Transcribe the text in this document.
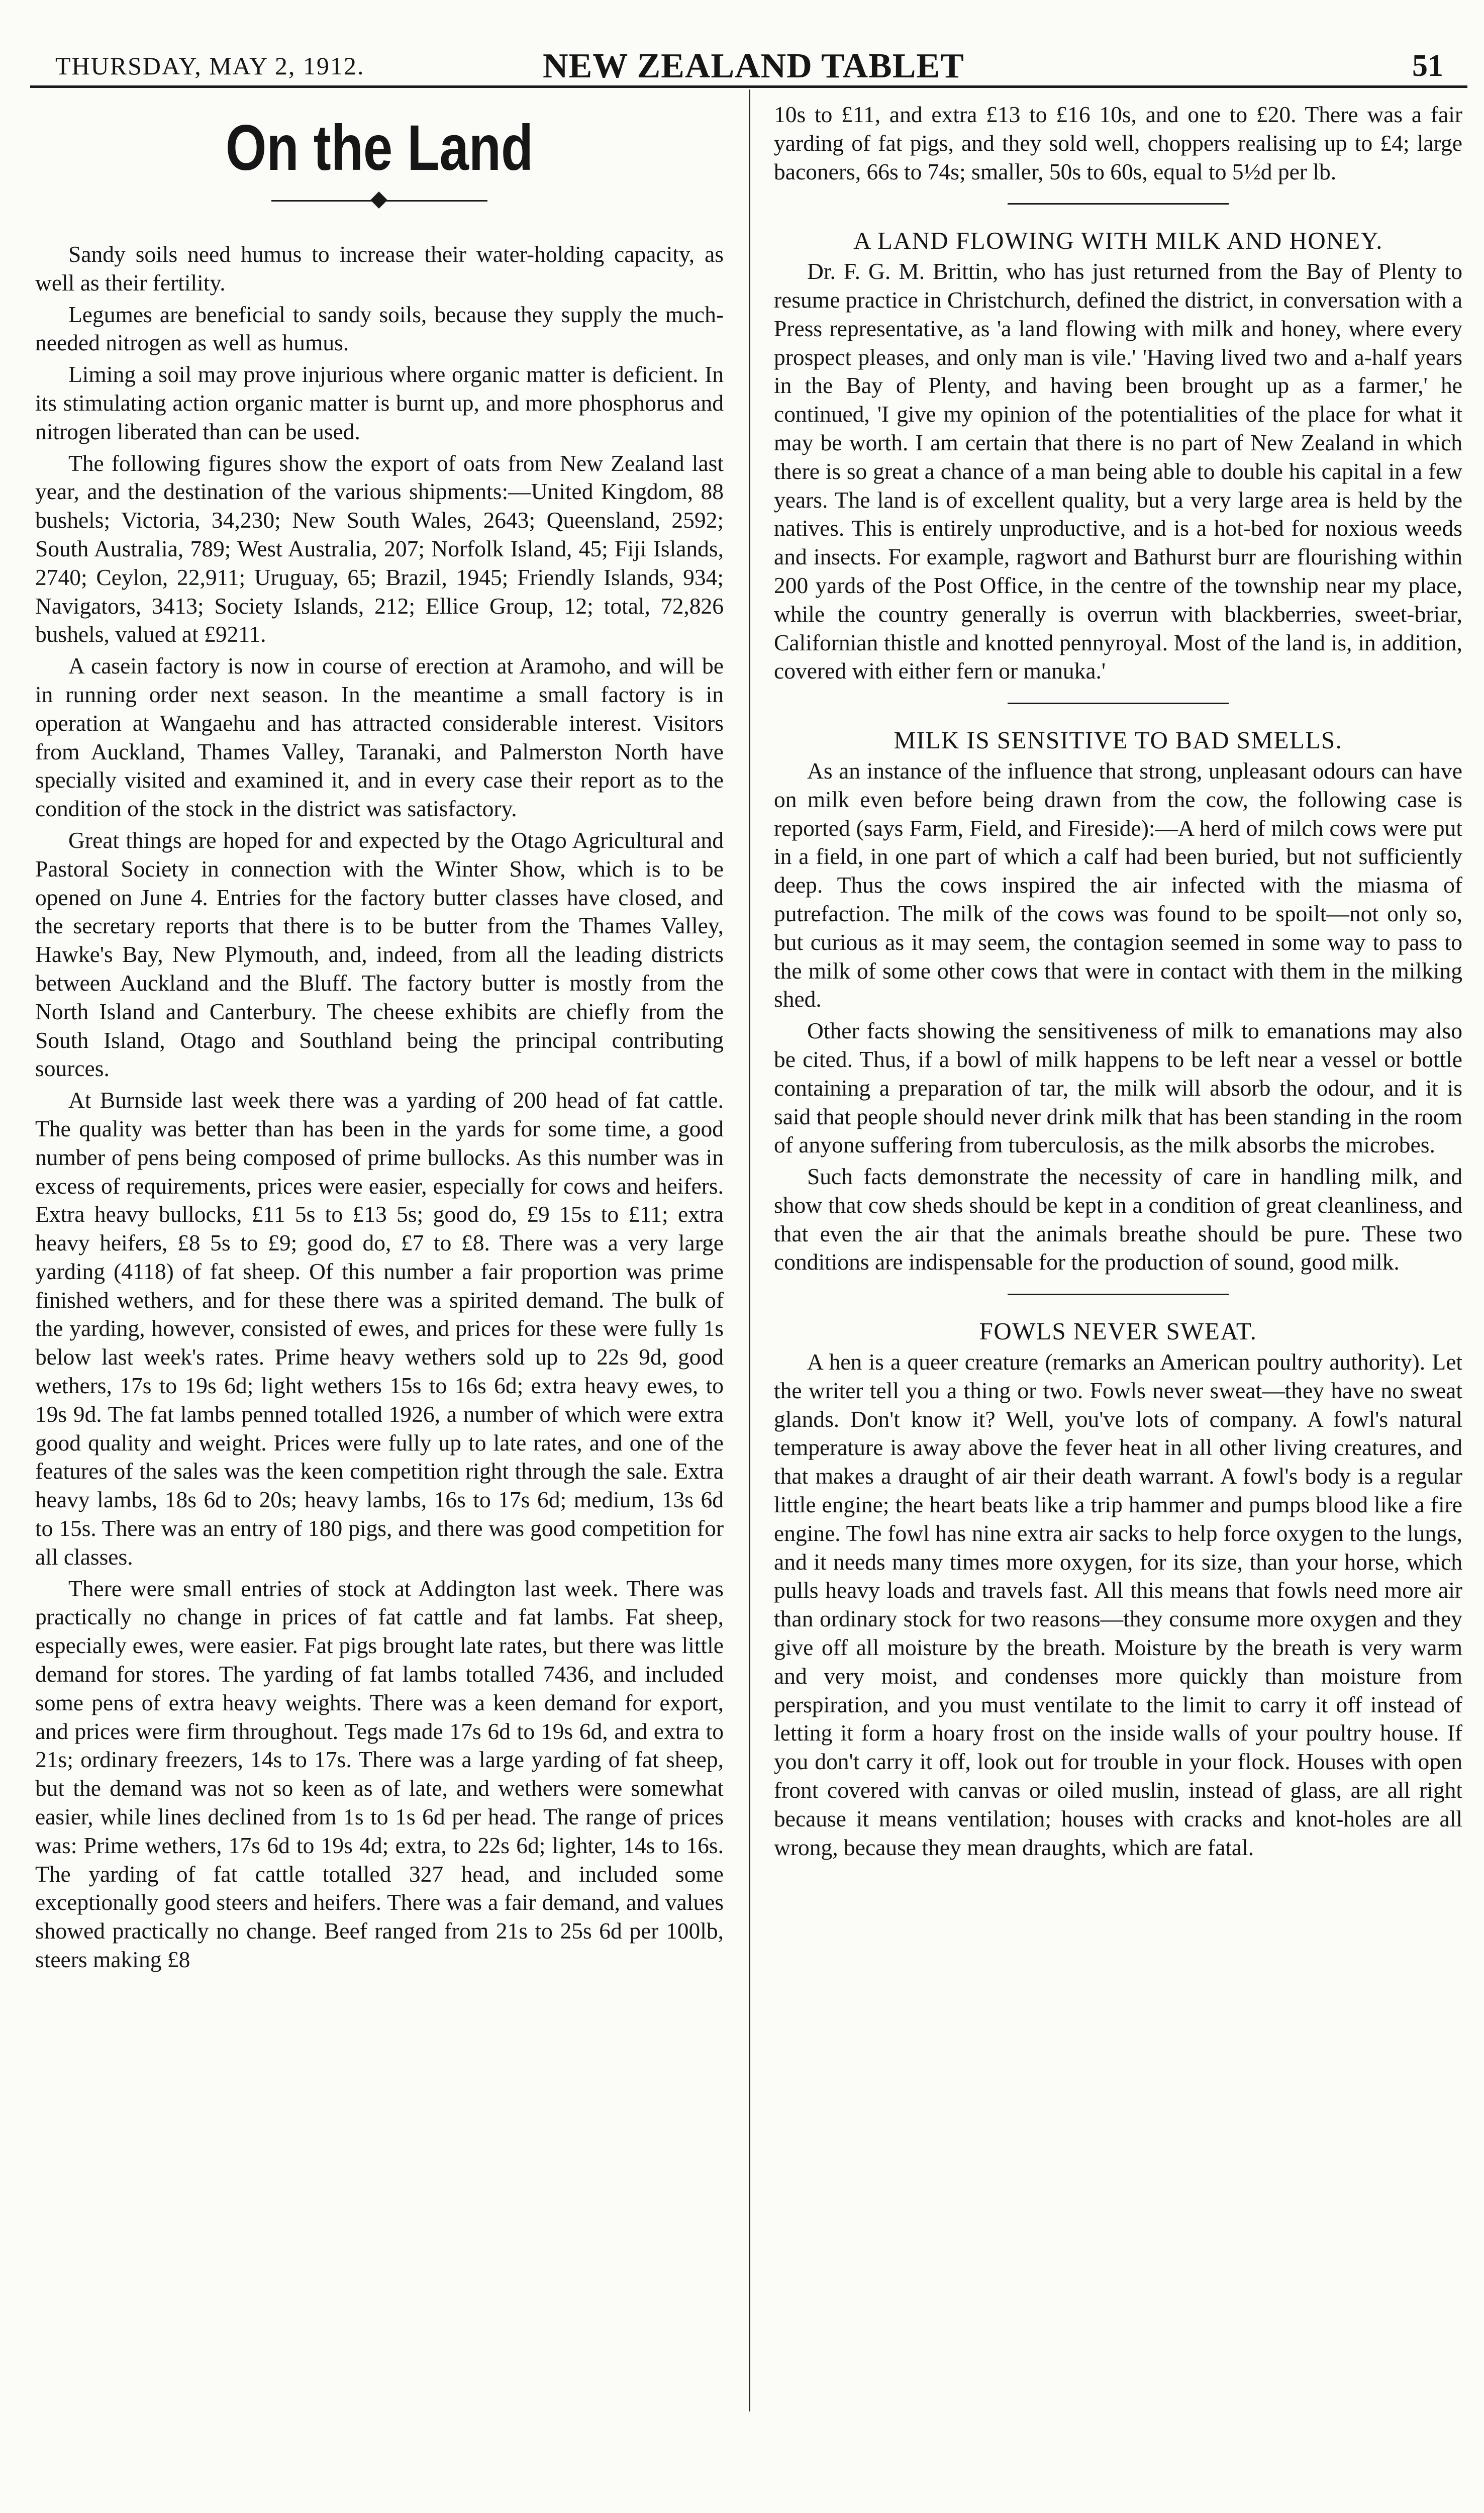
THURSDAY, MAY 2, 1912.	NEW ZEALAND TABLET	51
On the Land

Sandy soils need humus to increase their water-holding capacity, as well as their fertility.

Legumes are beneficial to sandy soils, because they supply the much-needed nitrogen as well as humus.

Liming a soil may prove injurious where organic matter is deficient. In its stimulating action organic matter is burnt up, and more phosphorus and nitrogen liberated than can be used.

The following figures show the export of oats from New Zealand last year, and the destination of the various shipments:—United Kingdom, 88 bushels; Victoria, 34,230; New South Wales, 2643; Queensland, 2592; South Australia, 789; West Australia, 207; Norfolk Island, 45; Fiji Islands, 2740; Ceylon, 22,911; Uruguay, 65; Brazil, 1945; Friendly Islands, 934; Navigators, 3413; Society Islands, 212; Ellice Group, 12; total, 72,826 bushels, valued at £9211.

A casein factory is now in course of erection at Aramoho, and will be in running order next season. In the meantime a small factory is in operation at Wangaehu and has attracted considerable interest. Visitors from Auckland, Thames Valley, Taranaki, and Palmerston North have specially visited and examined it, and in every case their report as to the condition of the stock in the district was satisfactory.

Great things are hoped for and expected by the Otago Agricultural and Pastoral Society in connection with the Winter Show, which is to be opened on June 4. Entries for the factory butter classes have closed, and the secretary reports that there is to be butter from the Thames Valley, Hawke's Bay, New Plymouth, and, indeed, from all the leading districts between Auckland and the Bluff. The factory butter is mostly from the North Island and Canterbury. The cheese exhibits are chiefly from the South Island, Otago and Southland being the principal contributing sources.

At Burnside last week there was a yarding of 200 head of fat cattle. The quality was better than has been in the yards for some time, a good number of pens being composed of prime bullocks. As this number was in excess of requirements, prices were easier, especially for cows and heifers. Extra heavy bullocks, £11 5s to £13 5s; good do, £9 15s to £11; extra heavy heifers, £8 5s to £9; good do, £7 to £8. There was a very large yarding (4118) of fat sheep. Of this number a fair proportion was prime finished wethers, and for these there was a spirited demand. The bulk of the yarding, however, consisted of ewes, and prices for these were fully 1s below last week's rates. Prime heavy wethers sold up to 22s 9d, good wethers, 17s to 19s 6d; light wethers 15s to 16s 6d; extra heavy ewes, to 19s 9d. The fat lambs penned totalled 1926, a number of which were extra good quality and weight. Prices were fully up to late rates, and one of the features of the sales was the keen competition right through the sale. Extra heavy lambs, 18s 6d to 20s; heavy lambs, 16s to 17s 6d; medium, 13s 6d to 15s. There was an entry of 180 pigs, and there was good competition for all classes.

There were small entries of stock at Addington last week. There was practically no change in prices of fat cattle and fat lambs. Fat sheep, especially ewes, were easier. Fat pigs brought late rates, but there was little demand for stores. The yarding of fat lambs totalled 7436, and included some pens of extra heavy weights. There was a keen demand for export, and prices were firm throughout. Tegs made 17s 6d to 19s 6d, and extra to 21s; ordinary freezers, 14s to 17s. There was a large yarding of fat sheep, but the demand was not so keen as of late, and wethers were somewhat easier, while lines declined from 1s to 1s 6d per head. The range of prices was: Prime wethers, 17s 6d to 19s 4d; extra, to 22s 6d; lighter, 14s to 16s. The yarding of fat cattle totalled 327 head, and included some exceptionally good steers and heifers. There was a fair demand, and values showed practically no change. Beef ranged from 21s to 25s 6d per 100lb, steers making £8

10s to £11, and extra £13 to £16 10s, and one to £20. There was a fair yarding of fat pigs, and they sold well, choppers realising up to £4; large baconers, 66s to 74s; smaller, 50s to 60s, equal to 5½d per lb.

A LAND FLOWING WITH MILK AND HONEY.

Dr. F. G. M. Brittin, who has just returned from the Bay of Plenty to resume practice in Christchurch, defined the district, in conversation with a Press representative, as 'a land flowing with milk and honey, where every prospect pleases, and only man is vile.' 'Having lived two and a-half years in the Bay of Plenty, and having been brought up as a farmer,' he continued, 'I give my opinion of the potentialities of the place for what it may be worth. I am certain that there is no part of New Zealand in which there is so great a chance of a man being able to double his capital in a few years. The land is of excellent quality, but a very large area is held by the natives. This is entirely unproductive, and is a hot-bed for noxious weeds and insects. For example, ragwort and Bathurst burr are flourishing within 200 yards of the Post Office, in the centre of the township near my place, while the country generally is overrun with blackberries, sweet-briar, Californian thistle and knotted pennyroyal. Most of the land is, in addition, covered with either fern or manuka.'

MILK IS SENSITIVE TO BAD SMELLS.

As an instance of the influence that strong, unpleasant odours can have on milk even before being drawn from the cow, the following case is reported (says Farm, Field, and Fireside):—A herd of milch cows were put in a field, in one part of which a calf had been buried, but not sufficiently deep. Thus the cows inspired the air infected with the miasma of putrefaction. The milk of the cows was found to be spoilt—not only so, but curious as it may seem, the contagion seemed in some way to pass to the milk of some other cows that were in contact with them in the milking shed.

Other facts showing the sensitiveness of milk to emanations may also be cited. Thus, if a bowl of milk happens to be left near a vessel or bottle containing a preparation of tar, the milk will absorb the odour, and it is said that people should never drink milk that has been standing in the room of anyone suffering from tuberculosis, as the milk absorbs the microbes.

Such facts demonstrate the necessity of care in handling milk, and show that cow sheds should be kept in a condition of great cleanliness, and that even the air that the animals breathe should be pure. These two conditions are indispensable for the production of sound, good milk.

FOWLS NEVER SWEAT.

A hen is a queer creature (remarks an American poultry authority). Let the writer tell you a thing or two. Fowls never sweat—they have no sweat glands. Don't know it? Well, you've lots of company. A fowl's natural temperature is away above the fever heat in all other living creatures, and that makes a draught of air their death warrant. A fowl's body is a regular little engine; the heart beats like a trip hammer and pumps blood like a fire engine. The fowl has nine extra air sacks to help force oxygen to the lungs, and it needs many times more oxygen, for its size, than your horse, which pulls heavy loads and travels fast. All this means that fowls need more air than ordinary stock for two reasons—they consume more oxygen and they give off all moisture by the breath. Moisture by the breath is very warm and very moist, and condenses more quickly than moisture from perspiration, and you must ventilate to the limit to carry it off instead of letting it form a hoary frost on the inside walls of your poultry house. If you don't carry it off, look out for trouble in your flock. Houses with open front covered with canvas or oiled muslin, instead of glass, are all right because it means ventilation; houses with cracks and knot-holes are all wrong, because they mean draughts, which are fatal.
